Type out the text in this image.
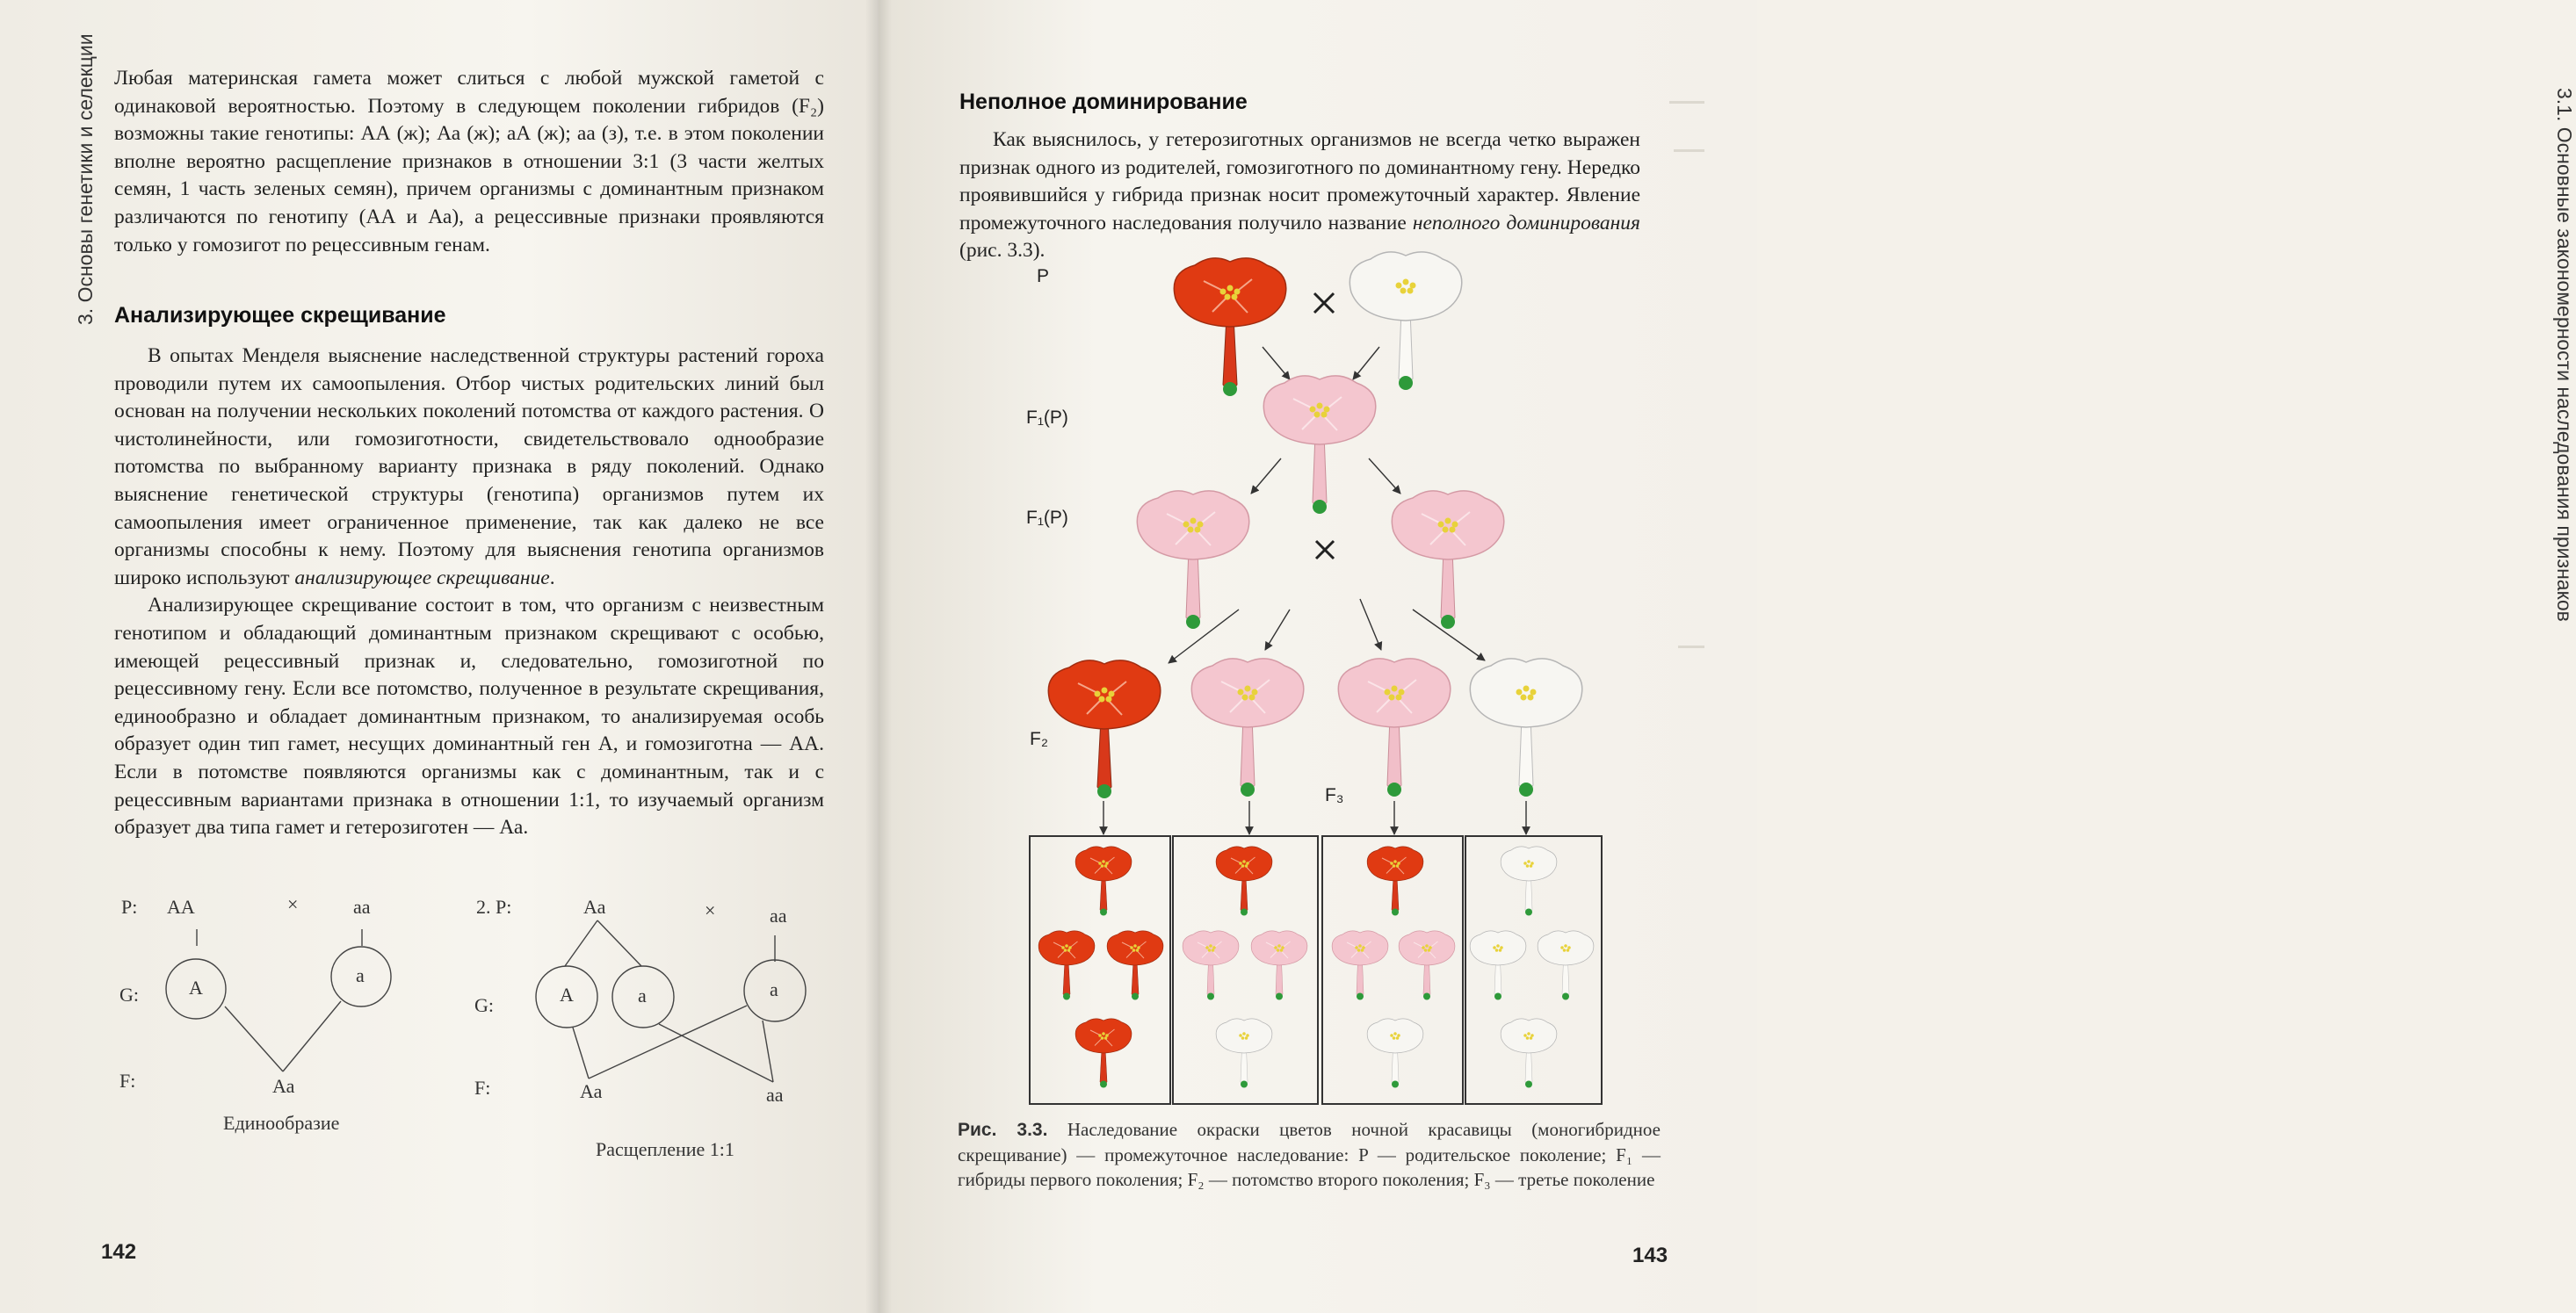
3. Основы генетики и селекции Любая материнская гамета может слиться с любой мужской гаметой с одинаковой вероятностью. Поэтому в следующем поколении гибридов (F₂) возможны такие генотипы: АА (ж); Аа (ж); аА (ж); аа (з), т.е. в этом поколении вполне вероятно расщепление признаков в отношении 3:1 (3 части желтых семян, 1 часть зеленых семян), причем организмы с доминантным признаком различаются по генотипу (АА и Аа), а рецессивные признаки проявляются только у гомозигот по рецессивным генам.

Анализирующее скрещивание

В опытах Менделя выяснение наследственной структуры растений гороха проводили путем их самоопыления. Отбор чистых родительских линий был основан на получении нескольких поколений потомства от каждого растения. О чистолинейности, или гомозиготности, свидетельствовало однообразие потомства по выбранному варианту признака в ряду поколений. Однако выяснение генетической структуры (генотипа) организмов путем их самоопыления имеет ограниченное применение, так как далеко не все организмы способны к нему. Поэтому для выяснения генотипа организмов широко используют анализирующее скрещивание.

Анализирующее скрещивание состоит в том, что организм с неизвестным генотипом и обладающий доминантным признаком скрещивают с особью, имеющей рецессивный признак и, следовательно, гомозиготной по рецессивному гену. Если все потомство, полученное в результате скрещивания, единообразно и обладает доминантным признаком, то анализируемая особь образует один тип гамет, несущих доминантный ген А, и гомозиготна — АА. Если в потомстве появляются организмы как с доминантным, так и с рецессивным вариантами признака в отношении 1:1, то изучаемый организм образует два типа гамет и гетерозиготен — Аа.

P: АА	×	аа
G:	А
а
F:	Аа
Единообразие
2. P:	Аа	×	аа
G:	А	а	а
F:	Аа	аа
Расщепление 1:1
142
3.1. Основные закономерности наследования признаков
Неполное доминирование

Как выяснилось, у гетерозиготных организмов не всегда четко выражен признак одного из родителей, гомозиготного по доминантному гену. Нередко проявившийся у гибрида признак носит промежуточный характер. Явление промежуточного наследования получило название неполного доминирования (рис. 3.3).

P
F₁(P)
F₁(P)
F₂
F₃
Рис. 3.3. Наследование окраски цветов ночной красавицы (моногибридное скрещивание) — промежуточное наследование: P — родительское поколение; F₁ — гибриды первого поколения; F₂ — потомство второго поколения; F₃ — третье поколение
143
